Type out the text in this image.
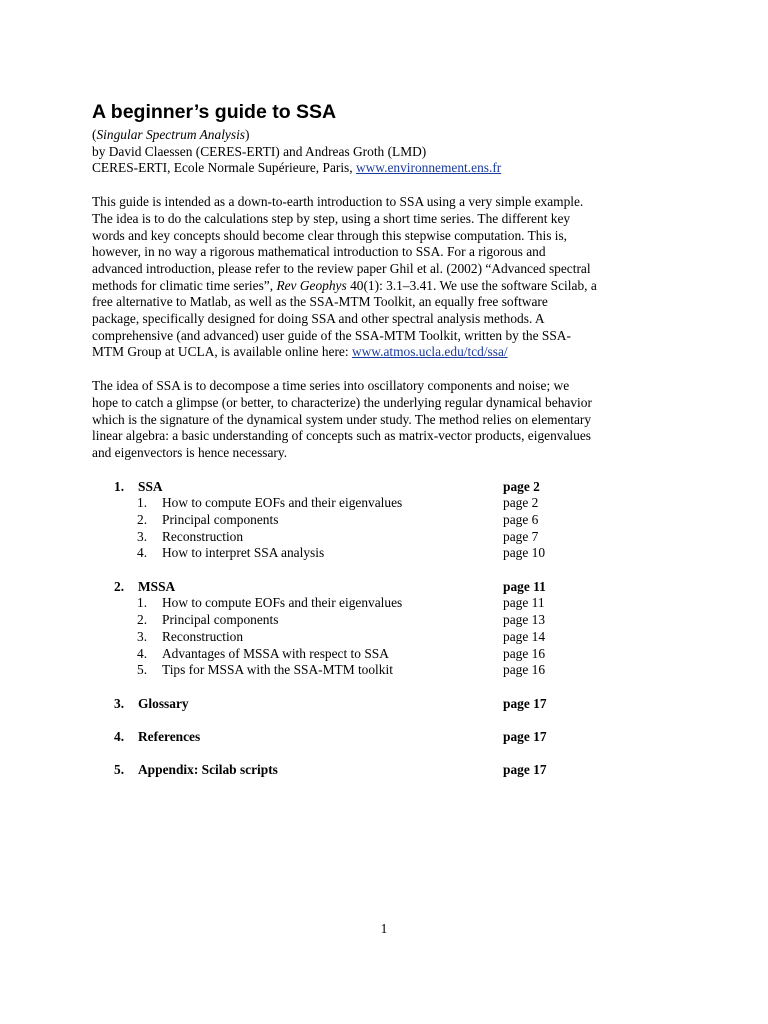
A beginner’s guide to SSA
(Singular Spectrum Analysis)
by David Claessen (CERES-ERTI) and Andreas Groth (LMD)
CERES-ERTI, Ecole Normale Supérieure, Paris, www.environnement.ens.fr
This guide is intended as a down-to-earth introduction to SSA using a very simple example.
The idea is to do the calculations step by step, using a short time series. The different key
words and key concepts should become clear through this stepwise computation. This is,
however, in no way a rigorous mathematical introduction to SSA. For a rigorous and
advanced introduction, please refer to the review paper Ghil et al. (2002) “Advanced spectral
methods for climatic time series”, Rev Geophys 40(1): 3.1–3.41. We use the software Scilab, a
free alternative to Matlab, as well as the SSA-MTM Toolkit, an equally free software
package, specifically designed for doing SSA and other spectral analysis methods. A
comprehensive (and advanced) user guide of the SSA-MTM Toolkit, written by the SSA-
MTM Group at UCLA, is available online here: www.atmos.ucla.edu/tcd/ssa/
The idea of SSA is to decompose a time series into oscillatory components and noise; we
hope to catch a glimpse (or better, to characterize) the underlying regular dynamical behavior
which is the signature of the dynamical system under study. The method relies on elementary
linear algebra: a basic understanding of concepts such as matrix-vector products, eigenvalues
and eigenvectors is hence necessary.
1. SSA	page 2
1. How to compute EOFs and their eigenvalues	page 2
2. Principal components	page 6
3. Reconstruction	page 7
4. How to interpret SSA analysis	page 10
2. MSSA	page 11
1. How to compute EOFs and their eigenvalues	page 11
2. Principal components	page 13
3. Reconstruction	page 14
4. Advantages of MSSA with respect to SSA	page 16
5. Tips for MSSA with the SSA-MTM toolkit	page 16
3. Glossary	page 17
4. References	page 17
5. Appendix: Scilab scripts	page 17
1
